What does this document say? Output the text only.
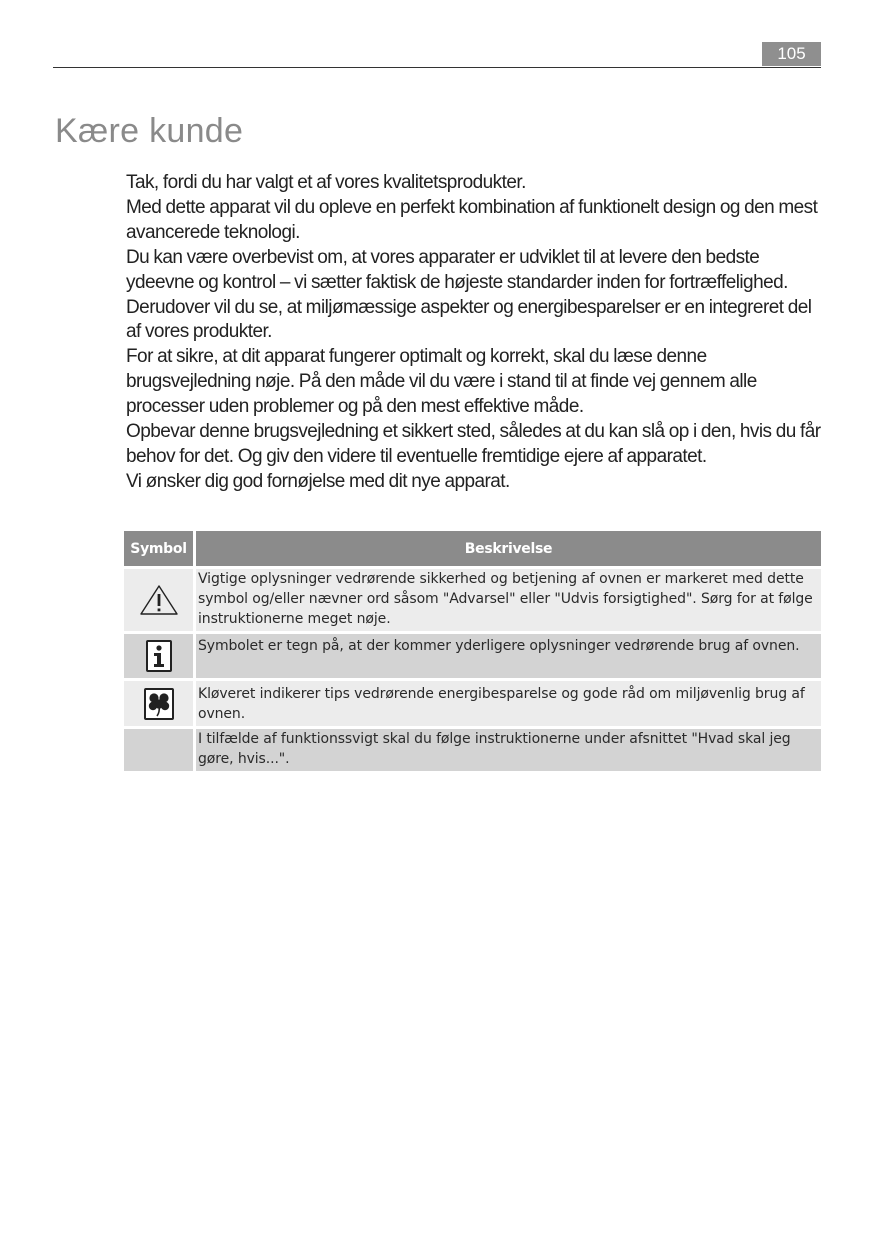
105
Kære kunde

Tak, fordi du har valgt et af vores kvalitetsprodukter.

Med dette apparat vil du opleve en perfekt kombination af funktionelt design og den mest avancerede teknologi.

Du kan være overbevist om, at vores apparater er udviklet til at levere den bedste ydeevne og kontrol – vi sætter faktisk de højeste standarder inden for fortræffelighed.

Derudover vil du se, at miljømæssige aspekter og energibesparelser er en integreret del af vores produkter.

For at sikre, at dit apparat fungerer optimalt og korrekt, skal du læse denne brugsvejledning nøje. På den måde vil du være i stand til at finde vej gennem alle processer uden problemer og på den mest effektive måde.

Opbevar denne brugsvejledning et sikkert sted, således at du kan slå op i den, hvis du får behov for det. Og giv den videre til eventuelle fremtidige ejere af apparatet.

Vi ønsker dig god fornøjelse med dit nye apparat.

Symbol	Beskrivelse
	Vigtige oplysninger vedrørende sikkerhed og betjening af ovnen er markeret med dette symbol og/eller nævner ord såsom "Advarsel" eller "Udvis forsigtighed". Sørg for at følge instruktionerne meget nøje.
	Symbolet er tegn på, at der kommer yderligere oplysninger vedrørende brug af ovnen.
	Kløveret indikerer tips vedrørende energibesparelse og gode råd om miljøvenlig brug af ovnen.
	I tilfælde af funktionssvigt skal du følge instruktionerne under afsnittet "Hvad skal jeg gøre, hvis...".
